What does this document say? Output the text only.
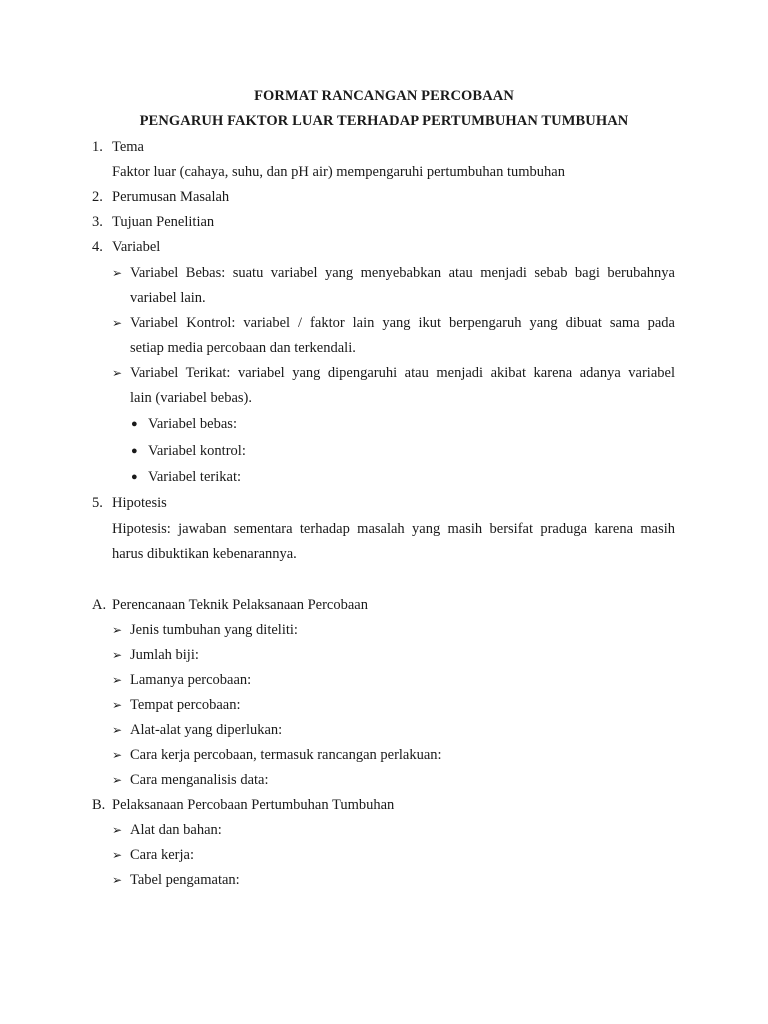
FORMAT RANCANGAN PERCOBAAN
PENGARUH FAKTOR LUAR TERHADAP PERTUMBUHAN TUMBUHAN
1. Tema
Faktor luar (cahaya, suhu, dan pH air) mempengaruhi pertumbuhan tumbuhan
2. Perumusan Masalah
3. Tujuan Penelitian
4. Variabel
➢ Variabel Bebas: suatu variabel yang menyebabkan atau menjadi sebab bagi berubahnya
variabel lain.
➢ Variabel Kontrol: variabel / faktor lain yang ikut berpengaruh yang dibuat sama pada
setiap media percobaan dan terkendali.
➢ Variabel Terikat: variabel yang dipengaruhi atau menjadi akibat karena adanya variabel
lain (variabel bebas).
● Variabel bebas:
● Variabel kontrol:
● Variabel terikat:
5. Hipotesis
Hipotesis: jawaban sementara terhadap masalah yang masih bersifat praduga karena masih
harus dibuktikan kebenarannya.
A. Perencanaan Teknik Pelaksanaan Percobaan
➢ Jenis tumbuhan yang diteliti:
➢ Jumlah biji:
➢ Lamanya percobaan:
➢ Tempat percobaan:
➢ Alat-alat yang diperlukan:
➢ Cara kerja percobaan, termasuk rancangan perlakuan:
➢ Cara menganalisis data:
B. Pelaksanaan Percobaan Pertumbuhan Tumbuhan
➢ Alat dan bahan:
➢ Cara kerja:
➢ Tabel pengamatan:
